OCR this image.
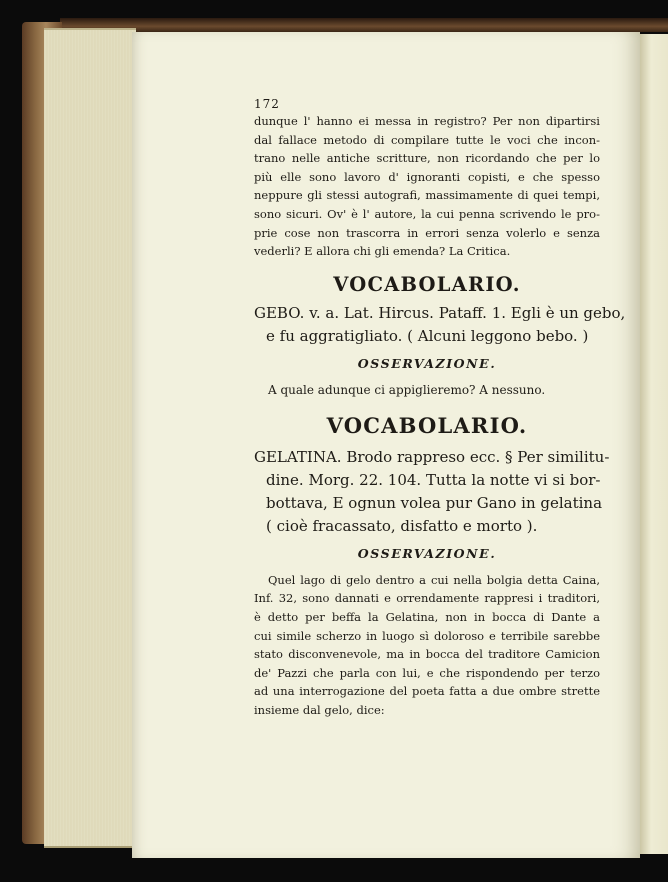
172

dunque l' hanno ei messa in registro? Per non dipartirsi
dal fallace metodo di compilare tutte le voci che incon-
trano nelle antiche scritture, non ricordando che per lo
più elle sono lavoro d' ignoranti copisti, e che spesso
neppure gli stessi autografi, massimamente di quei tempi,
sono sicuri. Ov' è l' autore, la cui penna scrivendo le pro-
prie cose non trascorra in errori senza volerlo e senza
vederli? E allora chi gli emenda? La Critica.

VOCABOLARIO.

GEBO. v. a. Lat. Hircus. Pataff. 1. Egli è un gebo,
e fu aggratigliato. ( Alcuni leggono bebo. )

OSSERVAZIONE.

A quale adunque ci appiglieremo? A nessuno.

VOCABOLARIO.

GELATINA. Brodo rappreso ecc. § Per similitu-
dine. Morg. 22. 104. Tutta la notte vi si bor-
bottava, E ognun volea pur Gano in gelatina
( cioè fracassato, disfatto e morto ).

OSSERVAZIONE.

Quel lago di gelo dentro a cui nella bolgia detta Caina,
Inf. 32, sono dannati e orrendamente rappresi i traditori,
è detto per beffa la Gelatina, non in bocca di Dante a
cui simile scherzo in luogo sì doloroso e terribile sarebbe
stato disconvenevole, ma in bocca del traditore Camicion
de' Pazzi che parla con lui, e che rispondendo per terzo
ad una interrogazione del poeta fatta a due ombre strette
insieme dal gelo, dice:
